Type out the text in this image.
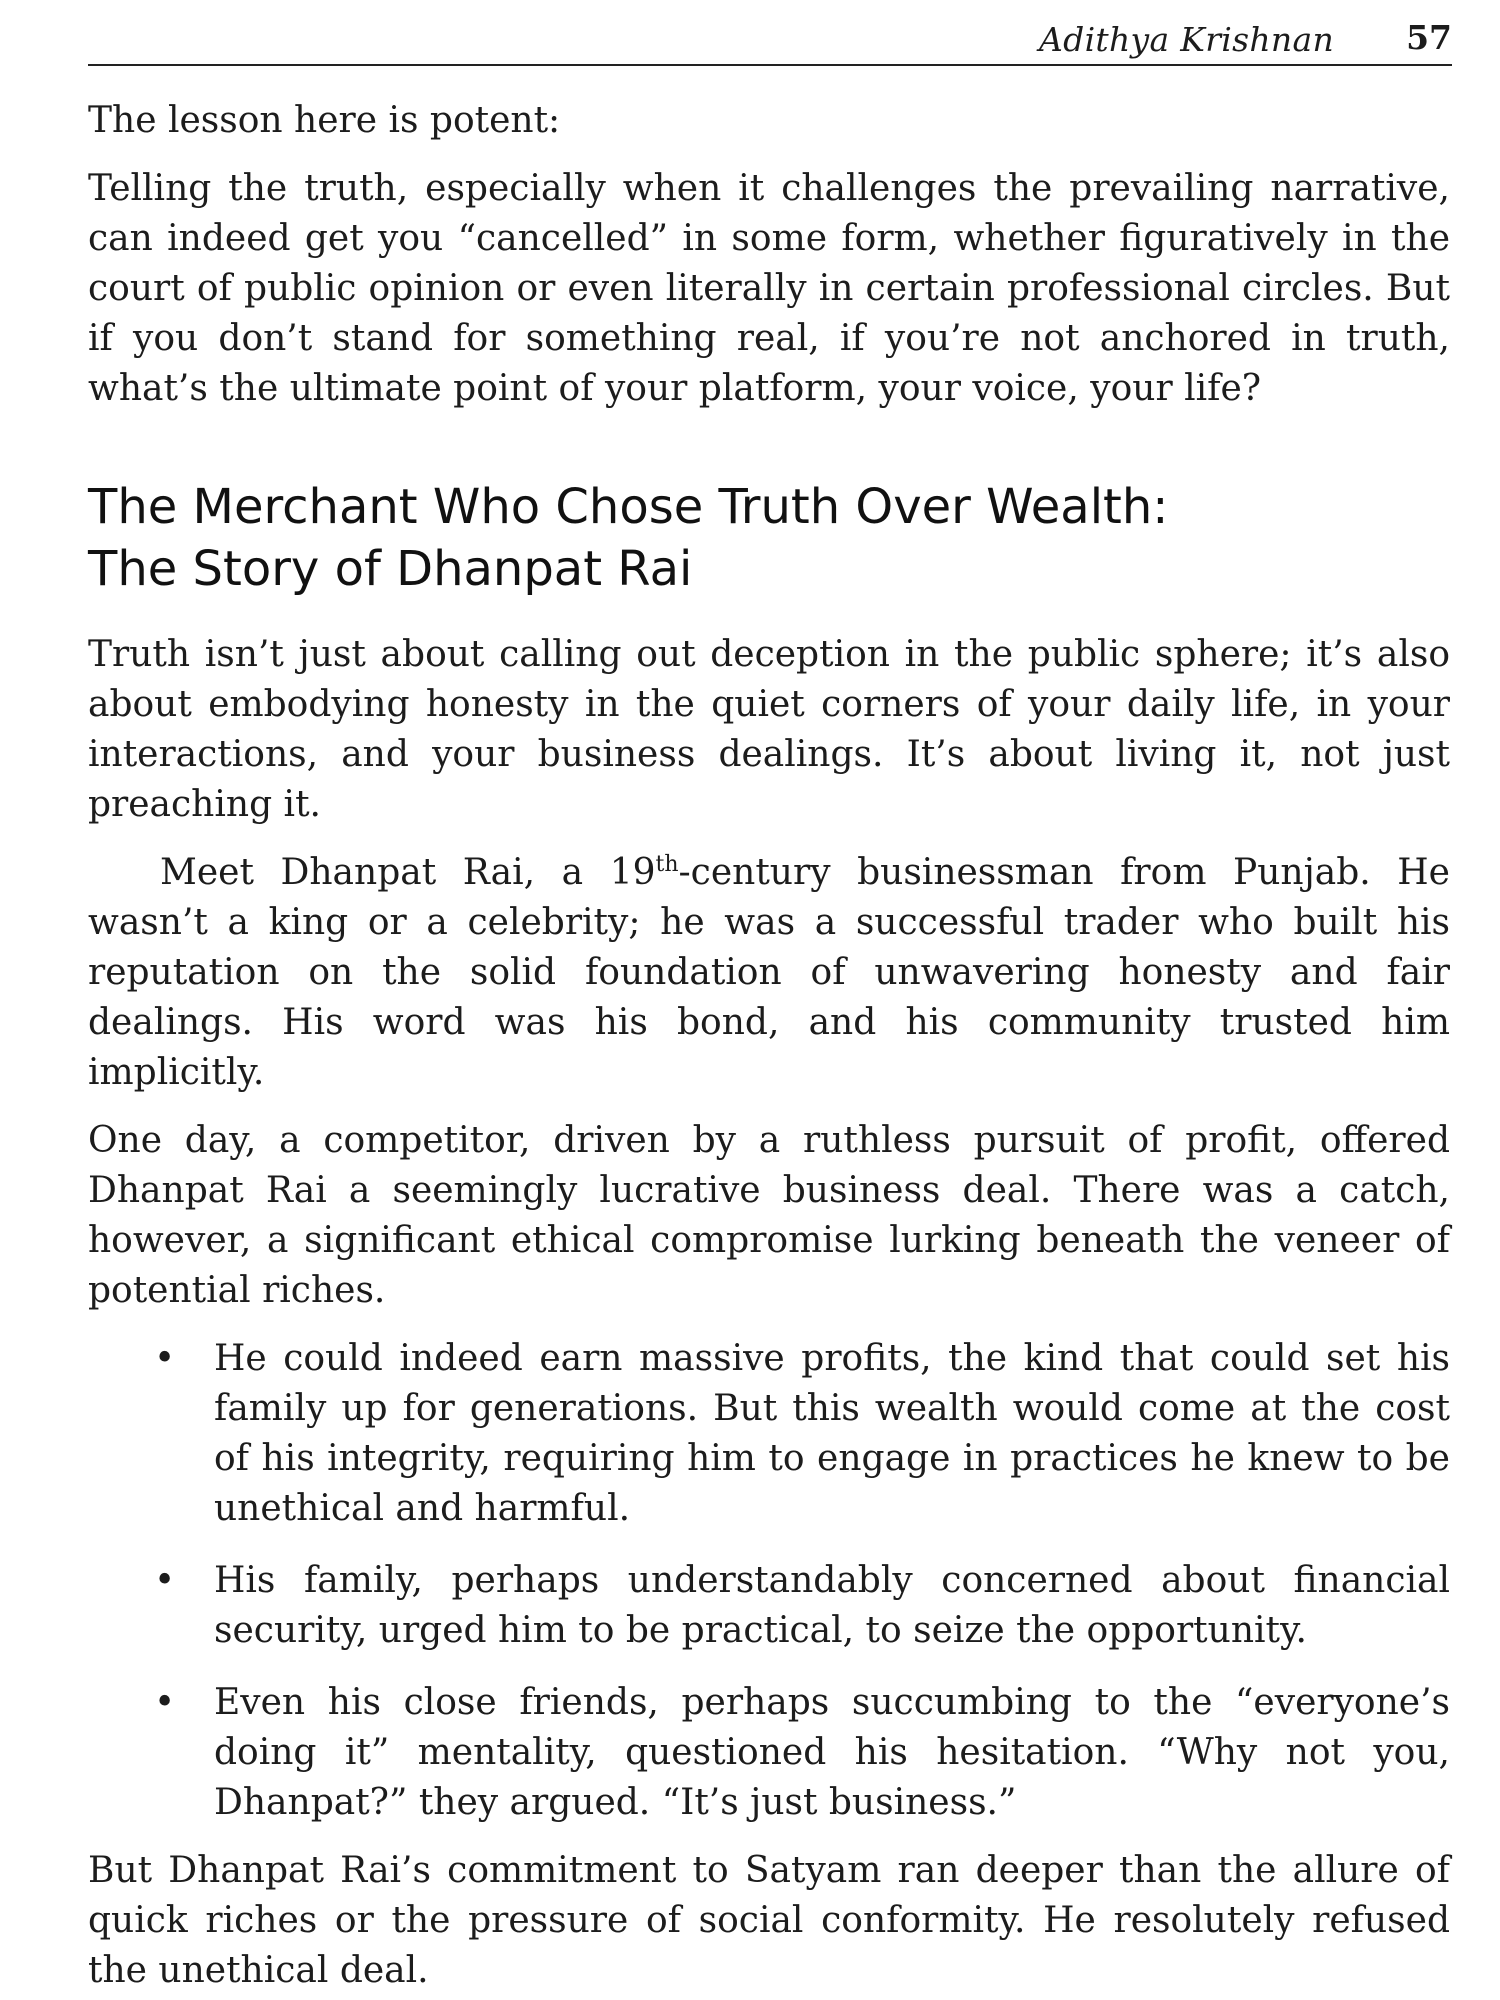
Adithya Krishnan 57

The lesson here is potent:

Telling the truth, especially when it challenges the prevailing narrative, can indeed get you “cancelled” in some form, whether figuratively in the court of public opinion or even literally in certain professional circles. But if you don’t stand for something real, if you’re not anchored in truth, what’s the ultimate point of your platform, your voice, your life?

The Merchant Who Chose Truth Over Wealth:
The Story of Dhanpat Rai

Truth isn’t just about calling out deception in the public sphere; it’s also about embodying honesty in the quiet corners of your daily life, in your interactions, and your business dealings. It’s about living it, not just preaching it.

Meet Dhanpat Rai, a 19th-century businessman from Punjab. He wasn’t a king or a celebrity; he was a successful trader who built his reputation on the solid foundation of unwavering honesty and fair dealings. His word was his bond, and his community trusted him implicitly.

One day, a competitor, driven by a ruthless pursuit of profit, offered Dhanpat Rai a seemingly lucrative business deal. There was a catch, however, a significant ethical compromise lurking beneath the veneer of potential riches.

• He could indeed earn massive profits, the kind that could set his family up for generations. But this wealth would come at the cost of his integrity, requiring him to engage in practices he knew to be unethical and harmful.
• His family, perhaps understandably concerned about financial security, urged him to be practical, to seize the opportunity.
• Even his close friends, perhaps succumbing to the “everyone’s doing it” mentality, questioned his hesitation. “Why not you, Dhanpat?” they argued. “It’s just business.”

But Dhanpat Rai’s commitment to Satyam ran deeper than the allure of quick riches or the pressure of social conformity. He resolutely refused the unethical deal.
